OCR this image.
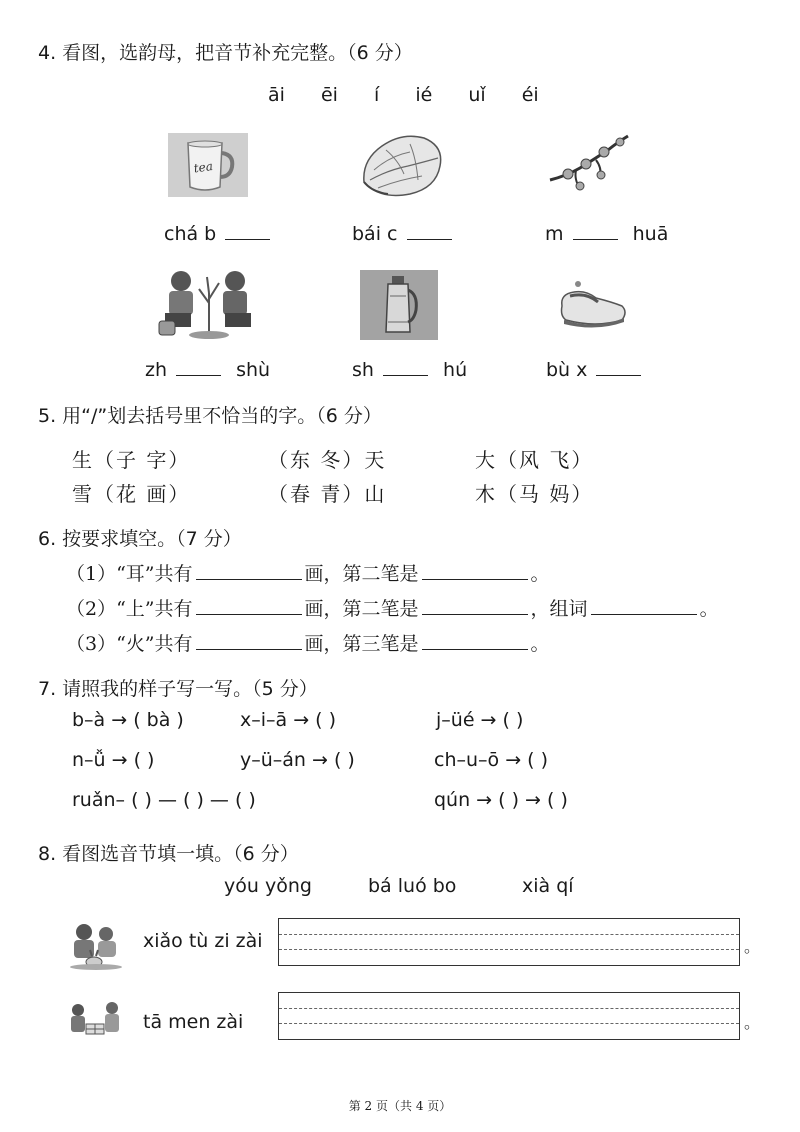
4. 看图，选韵母，把音节补充完整。（6 分）
āi ēi í ié uǐ éi
tea
chá b	bái c	m	huā
zh	shù	sh	hú	bù x
5. 用“/”划去括号里不恰当的字。（6 分）
生（子 字）	（东 冬）天	大（风 飞）
雪（花 画）	（春 青）山	木（马 妈）
6. 按要求填空。（7 分）
（1）“耳”共有	画，第二笔是	。
（2）“上”共有	画，第二笔是	，组词	。
（3）“火”共有	画，第三笔是	。
7. 请照我的样子写一写。（5 分）
b–à → ( bà )	x–i–ā → ( )	j–üé → ( )
n–ǚ → ( )	y–ü–án → ( )	ch–u–ō → ( )
ruǎn– ( ) — ( ) — ( )	qún → ( ) → ( )
8. 看图选音节填一填。（6 分）
yóu yǒng	bá luó bo	xià qí
xiǎo tù zi zài	。
tā men zài	。
第 2 页（共 4 页）
